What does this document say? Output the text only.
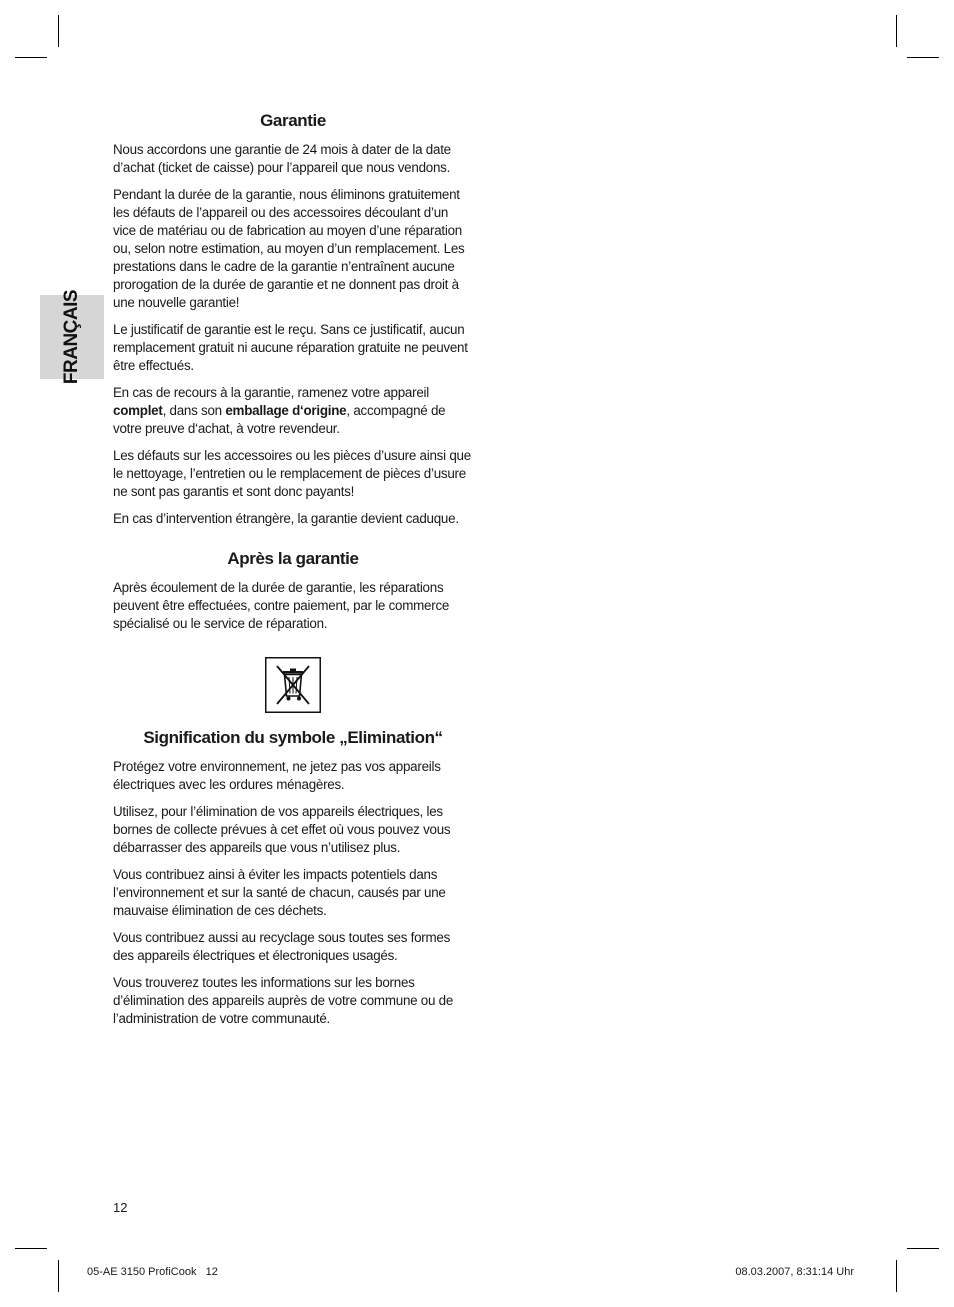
FRANÇAIS
Garantie

Nous accordons une garantie de 24 mois à dater de la date d’achat (ticket de caisse) pour l’appareil que nous vendons.

Pendant la durée de la garantie, nous éliminons gratuitement les défauts de l’appareil ou des accessoires découlant d’un vice de matériau ou de fabrication au moyen d’une réparation ou, selon notre estimation, au moyen d’un remplacement. Les prestations dans le cadre de la garantie n’entraînent aucune prorogation de la durée de garantie et ne donnent pas droit à une nouvelle garantie!

Le justificatif de garantie est le reçu. Sans ce justificatif, aucun remplacement gratuit ni aucune réparation gratuite ne peuvent être effectués.

En cas de recours à la garantie, ramenez votre appareil complet, dans son emballage d‘origine, accompagné de votre preuve d‘achat, à votre revendeur.

Les défauts sur les accessoires ou les pièces d’usure ainsi que le nettoyage, l’entretien ou le remplacement de pièces d’usure ne sont pas garantis et sont donc payants!

En cas d’intervention étrangère, la garantie devient caduque.

Après la garantie

Après écoulement de la durée de garantie, les réparations peuvent être effectuées, contre paiement, par le commerce spécialisé ou le service de réparation.

Signification du symbole „Elimination“

Protégez votre environnement, ne jetez pas vos appareils électriques avec les ordures ménagères.

Utilisez, pour l’élimination de vos appareils électriques, les bornes de collecte prévues à cet effet où vous pouvez vous débarrasser des appareils que vous n’utilisez plus.

Vous contribuez ainsi à éviter les impacts potentiels dans l’environnement et sur la santé de chacun, causés par une mauvaise élimination de ces déchets.

Vous contribuez aussi au recyclage sous toutes ses formes des appareils électriques et électroniques usagés.

Vous trouverez toutes les informations sur les bornes d’élimination des appareils auprès de votre commune ou de l’administration de votre communauté.

12
05-AE 3150 ProfiCook   12	08.03.2007, 8:31:14 Uhr
